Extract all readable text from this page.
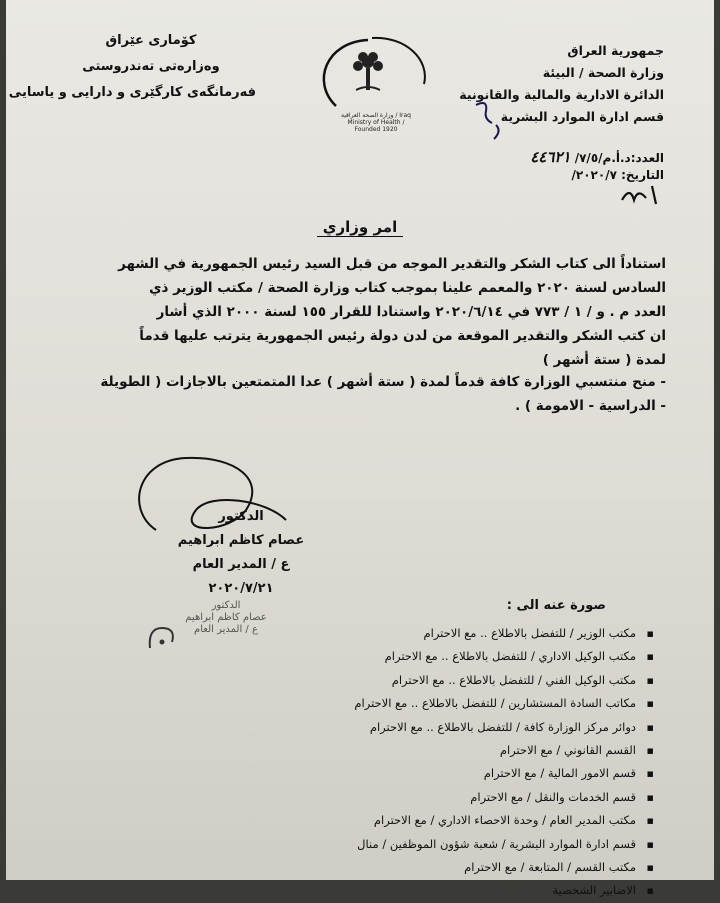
جمهورية العراق
وزارة الصحة / البيئة
الدائرة الادارية والمالية والقانونية
قسم ادارة الموارد البشرية
العدد:د.أ.م/٧/٥/ ٤٤٦٢١
التاريخ: ٢٠٢٠/٧/
كۆماری عێراق
وەزارەتی تەندروستی
فەرمانگەی كارگێری و دارایی و یاسایی
وزارة الصحة العراقية / Iraq Ministry of Health / Founded 1920
امر وزاري
استناداً الى كتاب الشكر والتقدير الموجه من قبل السيد رئيس الجمهورية في الشهر
السادس لسنة ٢٠٢٠ والمعمم علينا بموجب كتاب وزارة الصحة / مكتب الوزير ذي
العدد م . و / ١ / ٧٧٣ في ٢٠٢٠/٦/١٤ واستنادا للقرار ١٥٥ لسنة ٢٠٠٠ الذي أشار
ان كتب الشكر والتقدير الموقعة من لدن دولة رئيس الجمهورية يترتب عليها قدماً
لمدة ( ستة أشهر )
- منح منتسبي الوزارة كافة قدماً لمدة ( ستة أشهر ) عدا المتمتعين بالاجازات ( الطويلة
- الدراسية - الامومة ) .
الدكتور
عصام كاظم ابراهيم
ع / المدير العام
٢٠٢٠/٧/٢١
الدكتور
عصام كاظم ابراهيم
ع / المدير العام
صورة عنه الى :
▪ مكتب الوزير / للتفضل بالاطلاع .. مع الاحترام
▪ مكتب الوكيل الاداري / للتفضل بالاطلاع .. مع الاحترام
▪ مكتب الوكيل الفني / للتفضل بالاطلاع .. مع الاحترام
▪ مكاتب السادة المستشارين / للتفضل بالاطلاع .. مع الاحترام
▪ دوائر مركز الوزارة كافة / للتفضل بالاطلاع .. مع الاحترام
▪ القسم القانوني / مع الاحترام
▪ قسم الامور المالية / مع الاحترام
▪ قسم الخدمات والنقل / مع الاحترام
▪ مكتب المدير العام / وحدة الاحصاء الاداري / مع الاحترام
▪ قسم ادارة الموارد البشرية / شعبة شؤون الموظفين / منال
▪ مكتب القسم / المتابعة / مع الاحترام
▪ الاضابير الشخصية
